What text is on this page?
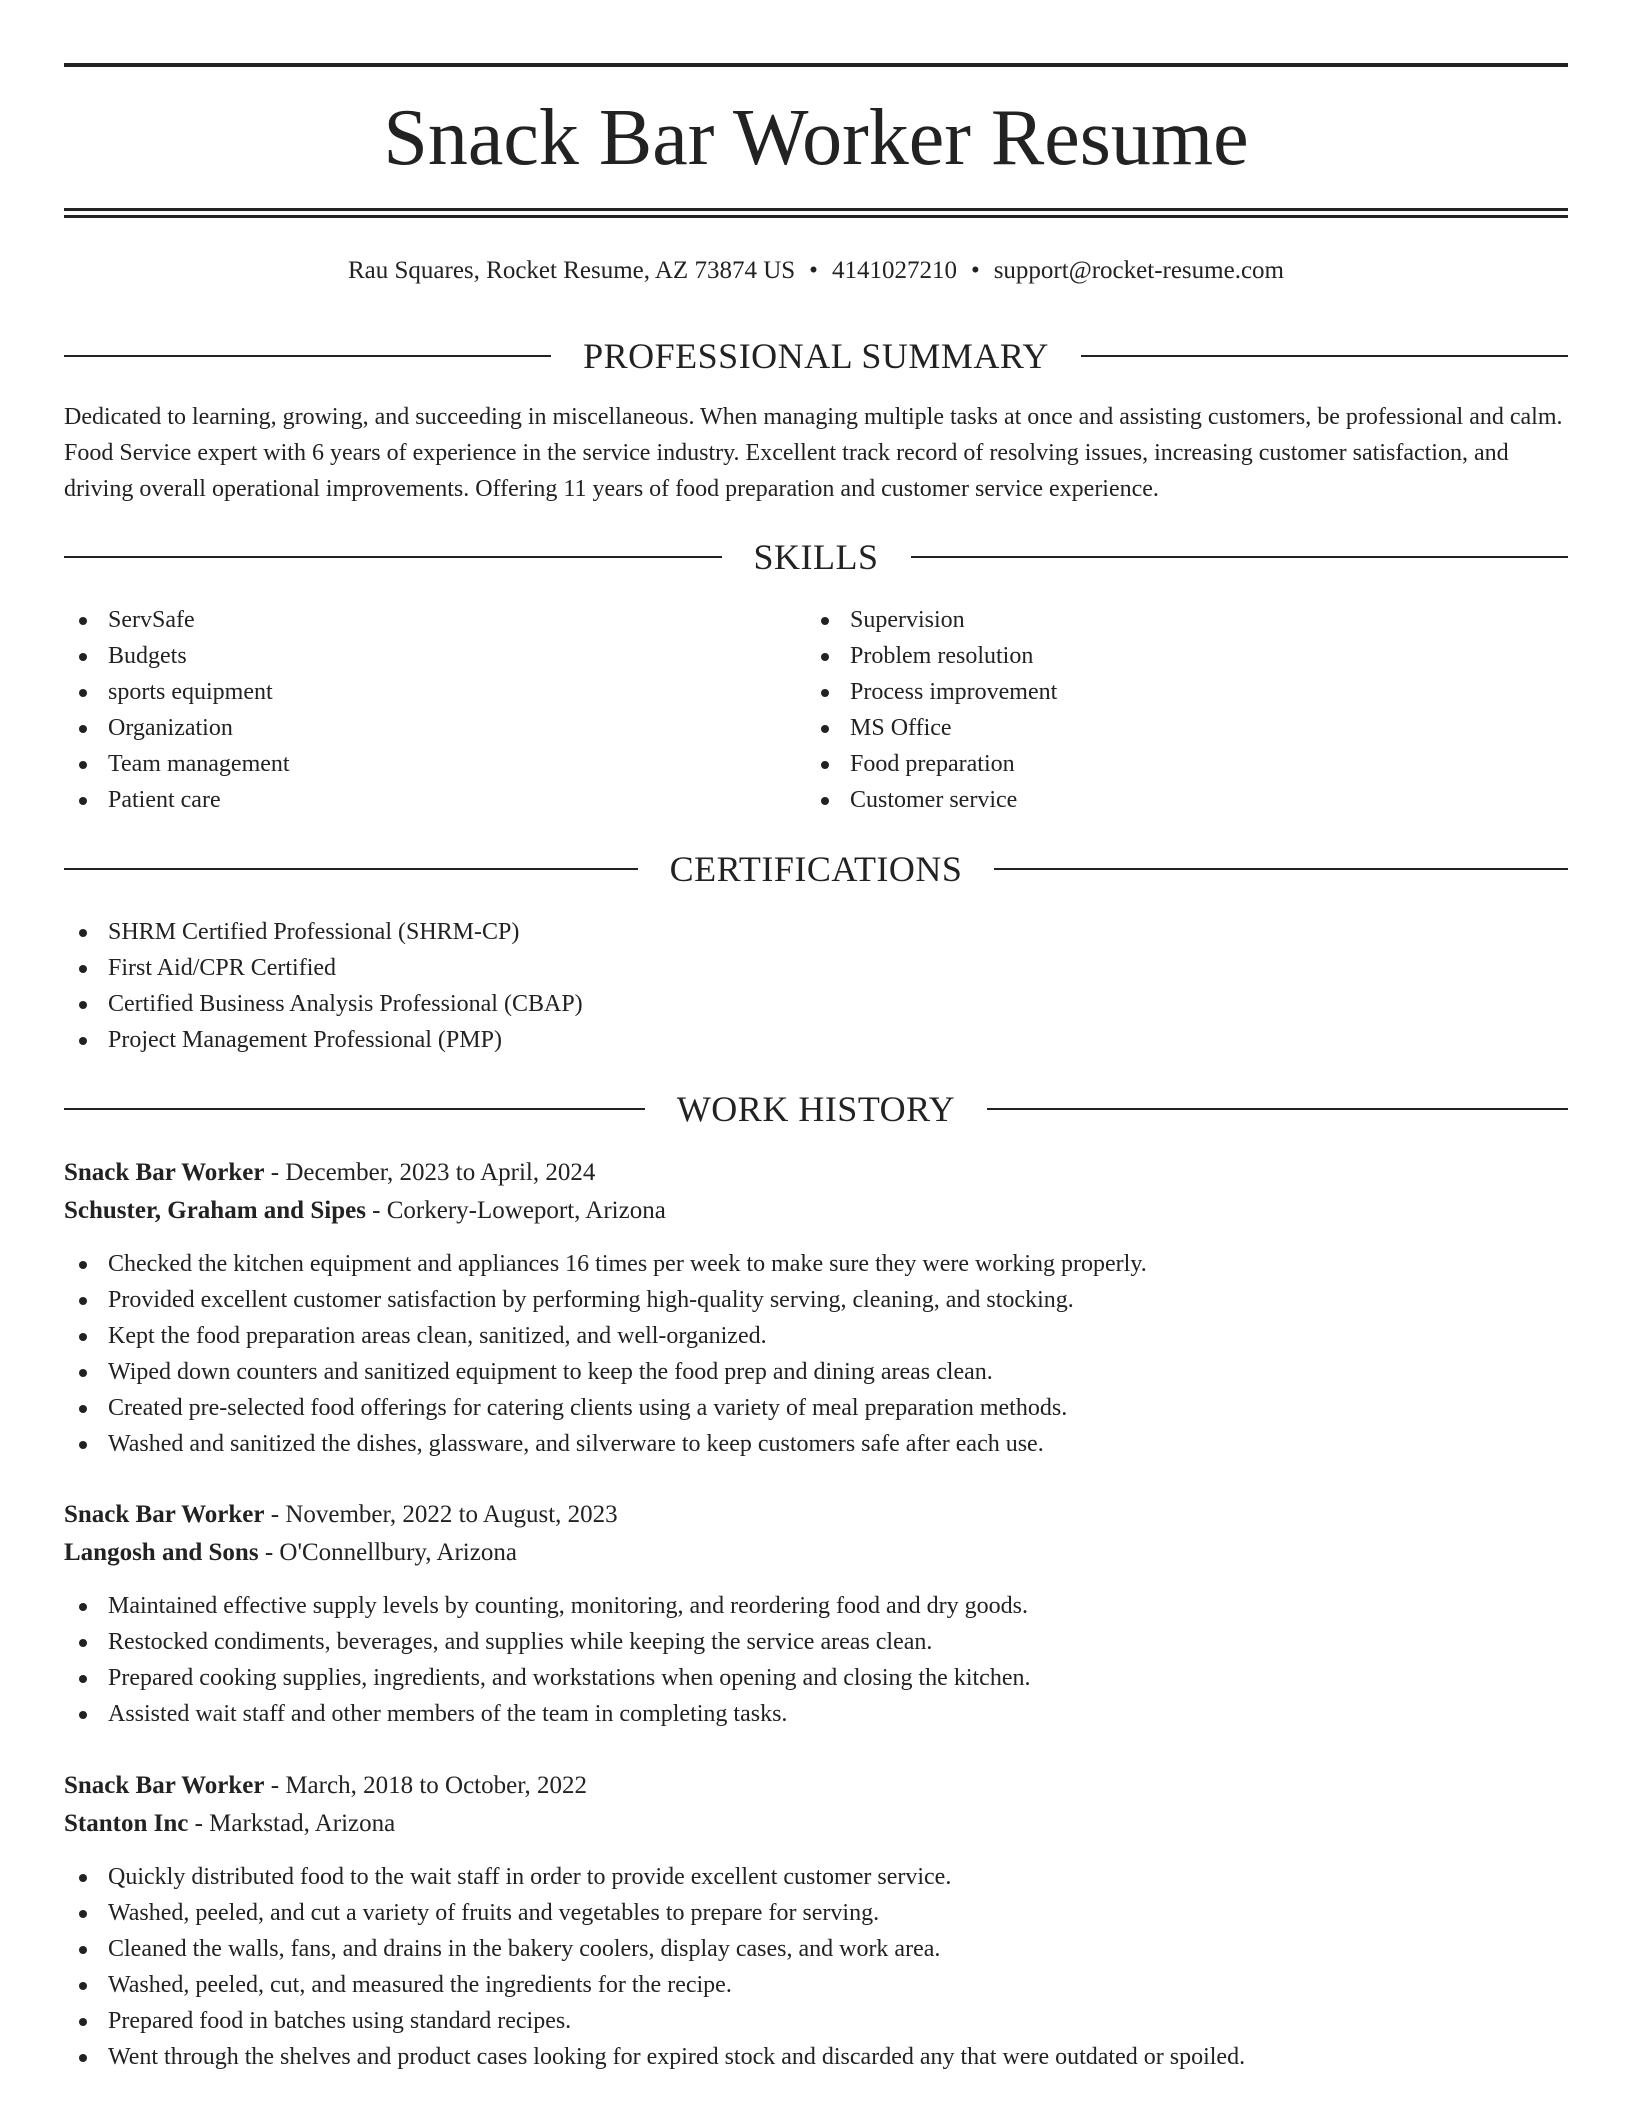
Snack Bar Worker Resume
Rau Squares, Rocket Resume, AZ 73874 US • 4141027210 • support@rocket-resume.com
PROFESSIONAL SUMMARY

Dedicated to learning, growing, and succeeding in miscellaneous. When managing multiple tasks at once and assisting customers, be professional and calm. Food Service expert with 6 years of experience in the service industry. Excellent track record of resolving issues, increasing customer satisfaction, and driving overall operational improvements. Offering 11 years of food preparation and customer service experience.

SKILLS
ServSafe
Budgets
sports equipment
Organization
Team management
Patient care
Supervision
Problem resolution
Process improvement
MS Office
Food preparation
Customer service
CERTIFICATIONS
SHRM Certified Professional (SHRM-CP)
First Aid/CPR Certified
Certified Business Analysis Professional (CBAP)
Project Management Professional (PMP)
WORK HISTORY
Snack Bar Worker - December, 2023 to April, 2024
Schuster, Graham and Sipes - Corkery-Loweport, Arizona
Checked the kitchen equipment and appliances 16 times per week to make sure they were working properly.
Provided excellent customer satisfaction by performing high-quality serving, cleaning, and stocking.
Kept the food preparation areas clean, sanitized, and well-organized.
Wiped down counters and sanitized equipment to keep the food prep and dining areas clean.
Created pre-selected food offerings for catering clients using a variety of meal preparation methods.
Washed and sanitized the dishes, glassware, and silverware to keep customers safe after each use.
Snack Bar Worker - November, 2022 to August, 2023
Langosh and Sons - O'Connellbury, Arizona
Maintained effective supply levels by counting, monitoring, and reordering food and dry goods.
Restocked condiments, beverages, and supplies while keeping the service areas clean.
Prepared cooking supplies, ingredients, and workstations when opening and closing the kitchen.
Assisted wait staff and other members of the team in completing tasks.
Snack Bar Worker - March, 2018 to October, 2022
Stanton Inc - Markstad, Arizona
Quickly distributed food to the wait staff in order to provide excellent customer service.
Washed, peeled, and cut a variety of fruits and vegetables to prepare for serving.
Cleaned the walls, fans, and drains in the bakery coolers, display cases, and work area.
Washed, peeled, cut, and measured the ingredients for the recipe.
Prepared food in batches using standard recipes.
Went through the shelves and product cases looking for expired stock and discarded any that were outdated or spoiled.
